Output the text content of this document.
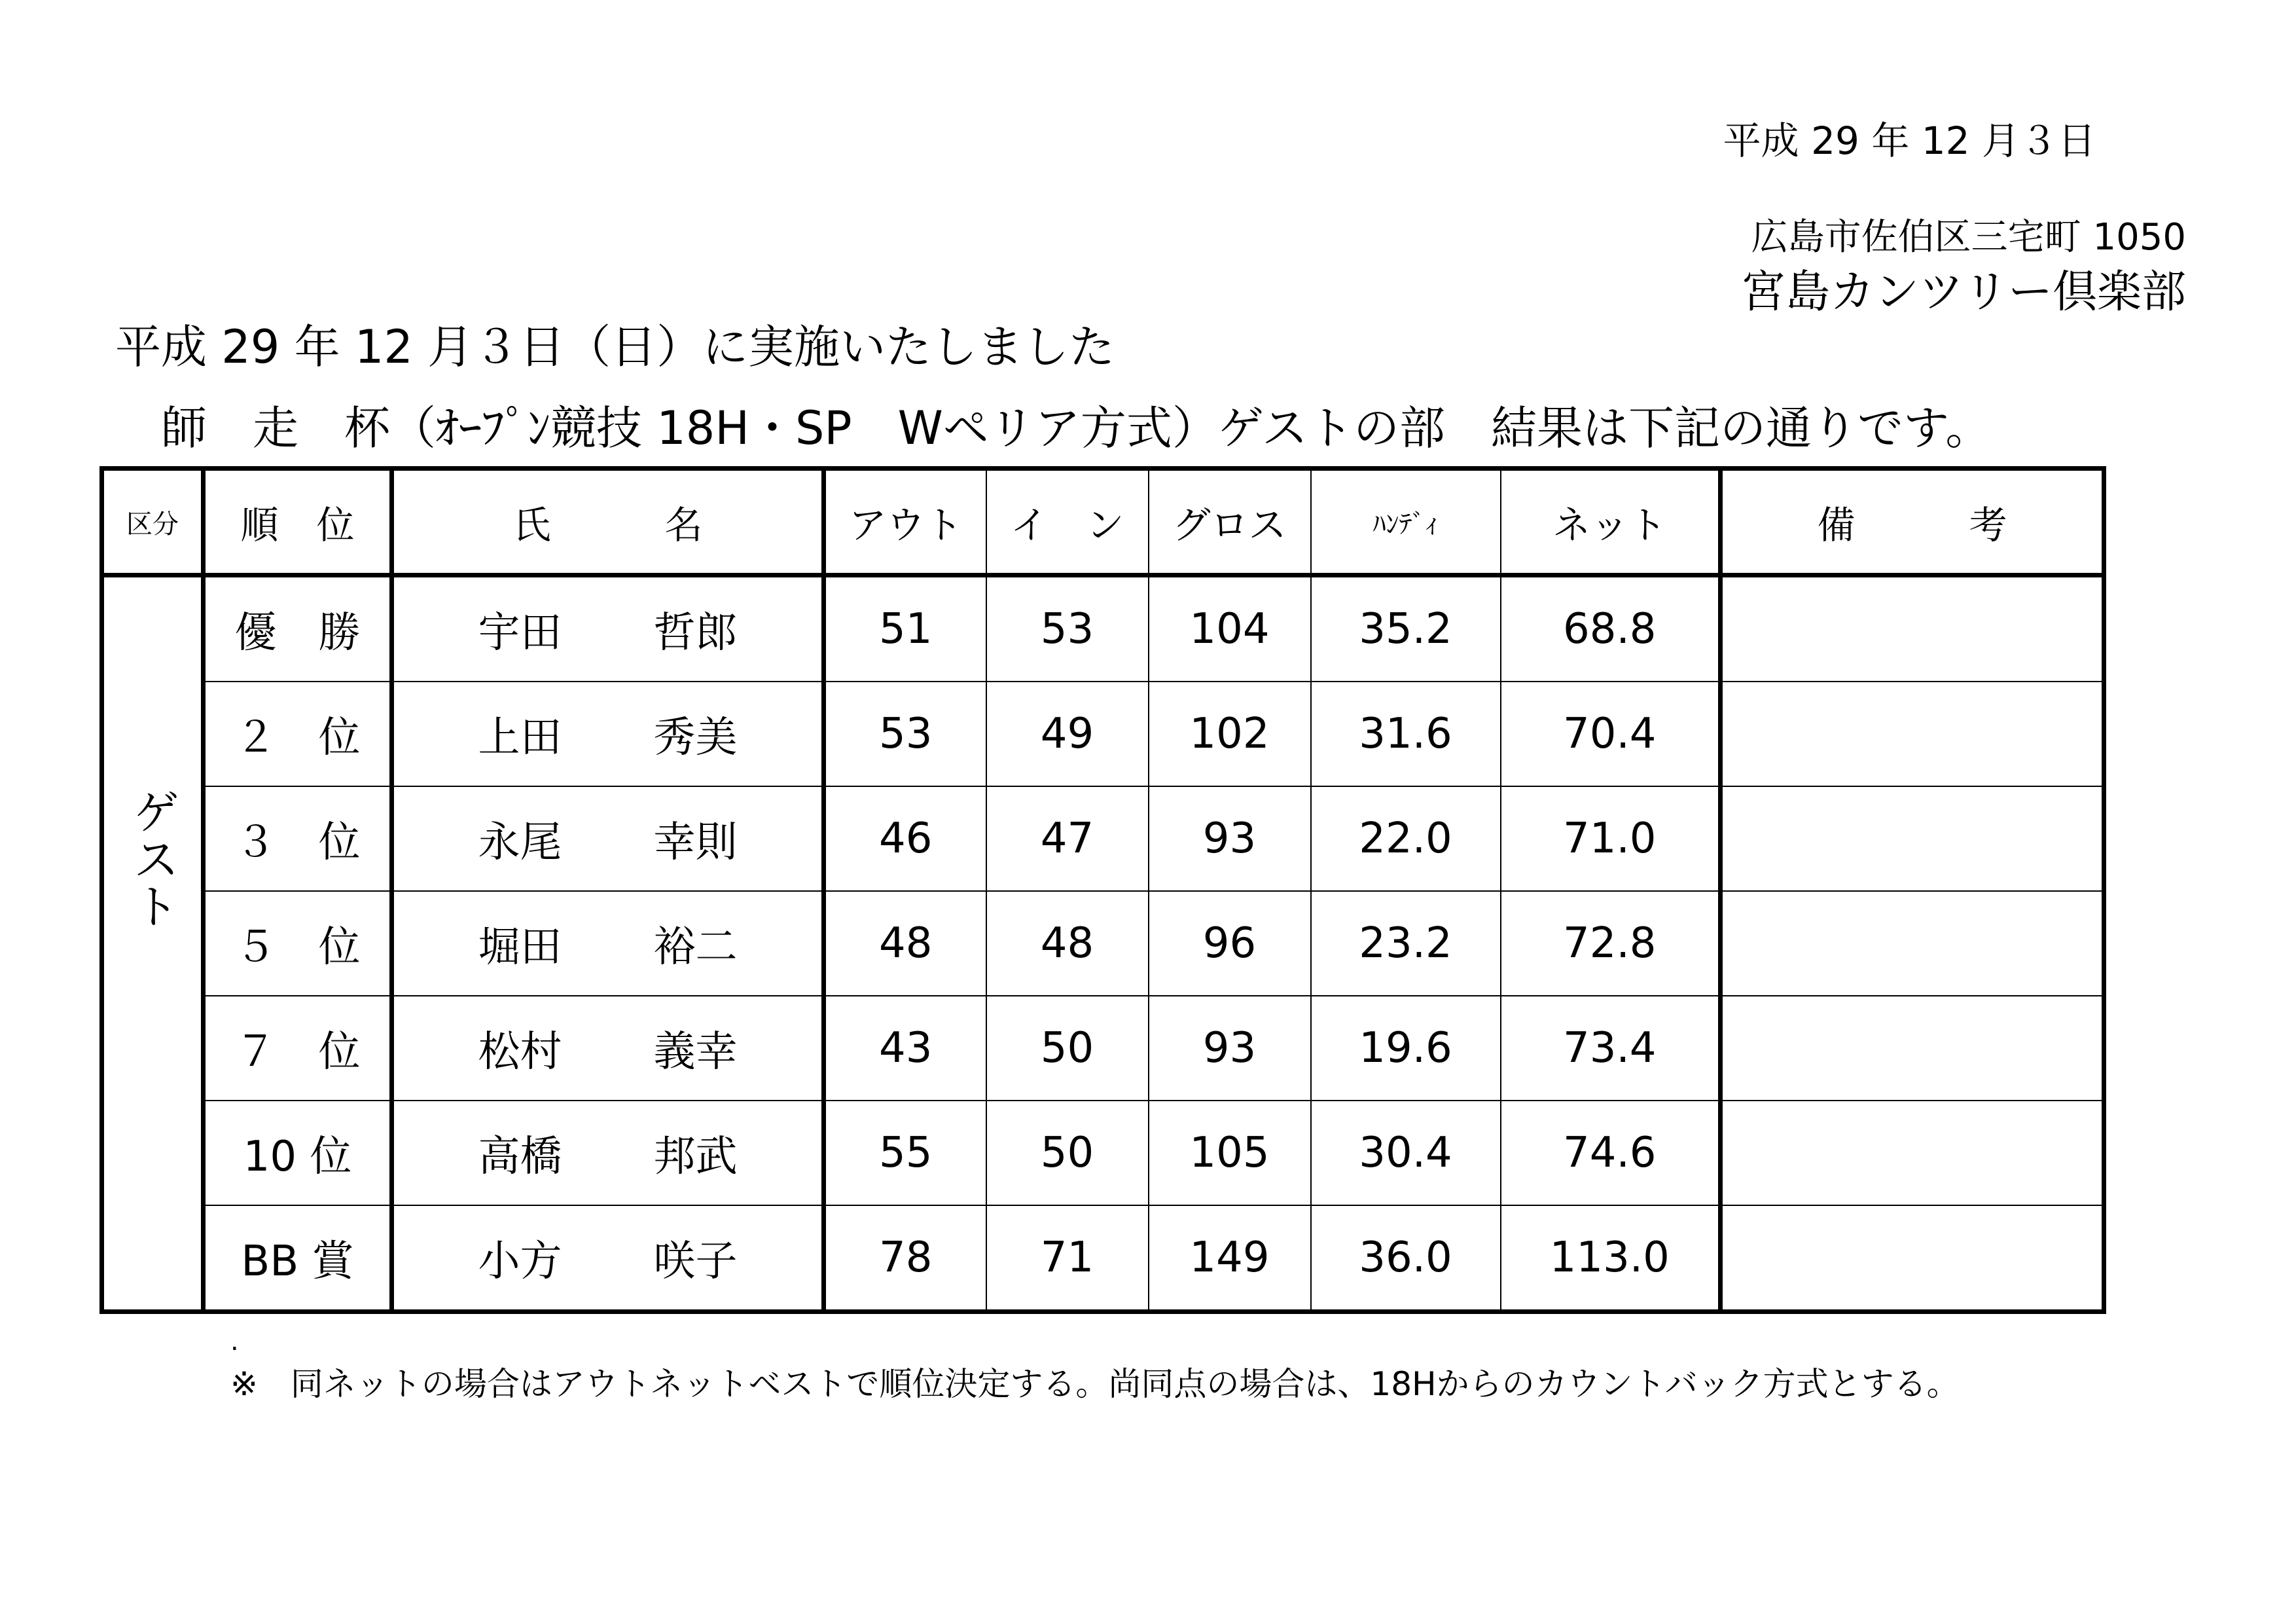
平成 29 年 12 月３日
広島市佐伯区三宅町 1050
宮島カンツリー倶楽部
平成 29 年 12 月３日（日）に実施いたしました
師　走　杯（ｵｰﾌﾟﾝ競技 18H・SP　Wペリア方式）ゲストの部　結果は下記の通りです。
区分	順　位	氏　　　名	アウト	イ　ン	グロス	ﾊﾝﾃﾞｨ	ネット	備　　　考
ゲスト	優　勝	宇田 哲郎	51	53	104	35.2	68.8	
	２　位	上田 秀美	53	49	102	31.6	70.4	
	３　位	永尾 幸則	46	47	93	22.0	71.0	
	５　位	堀田 裕二	48	48	96	23.2	72.8	
	７　位	松村 義幸	43	50	93	19.6	73.4	
	10 位	高橋 邦武	55	50	105	30.4	74.6	
	BB 賞	小方 咲子	78	71	149	36.0	113.0	
.
※　同ネットの場合はアウトネットベストで順位決定する。尚同点の場合は、18Hからのカウントバック方式とする。
